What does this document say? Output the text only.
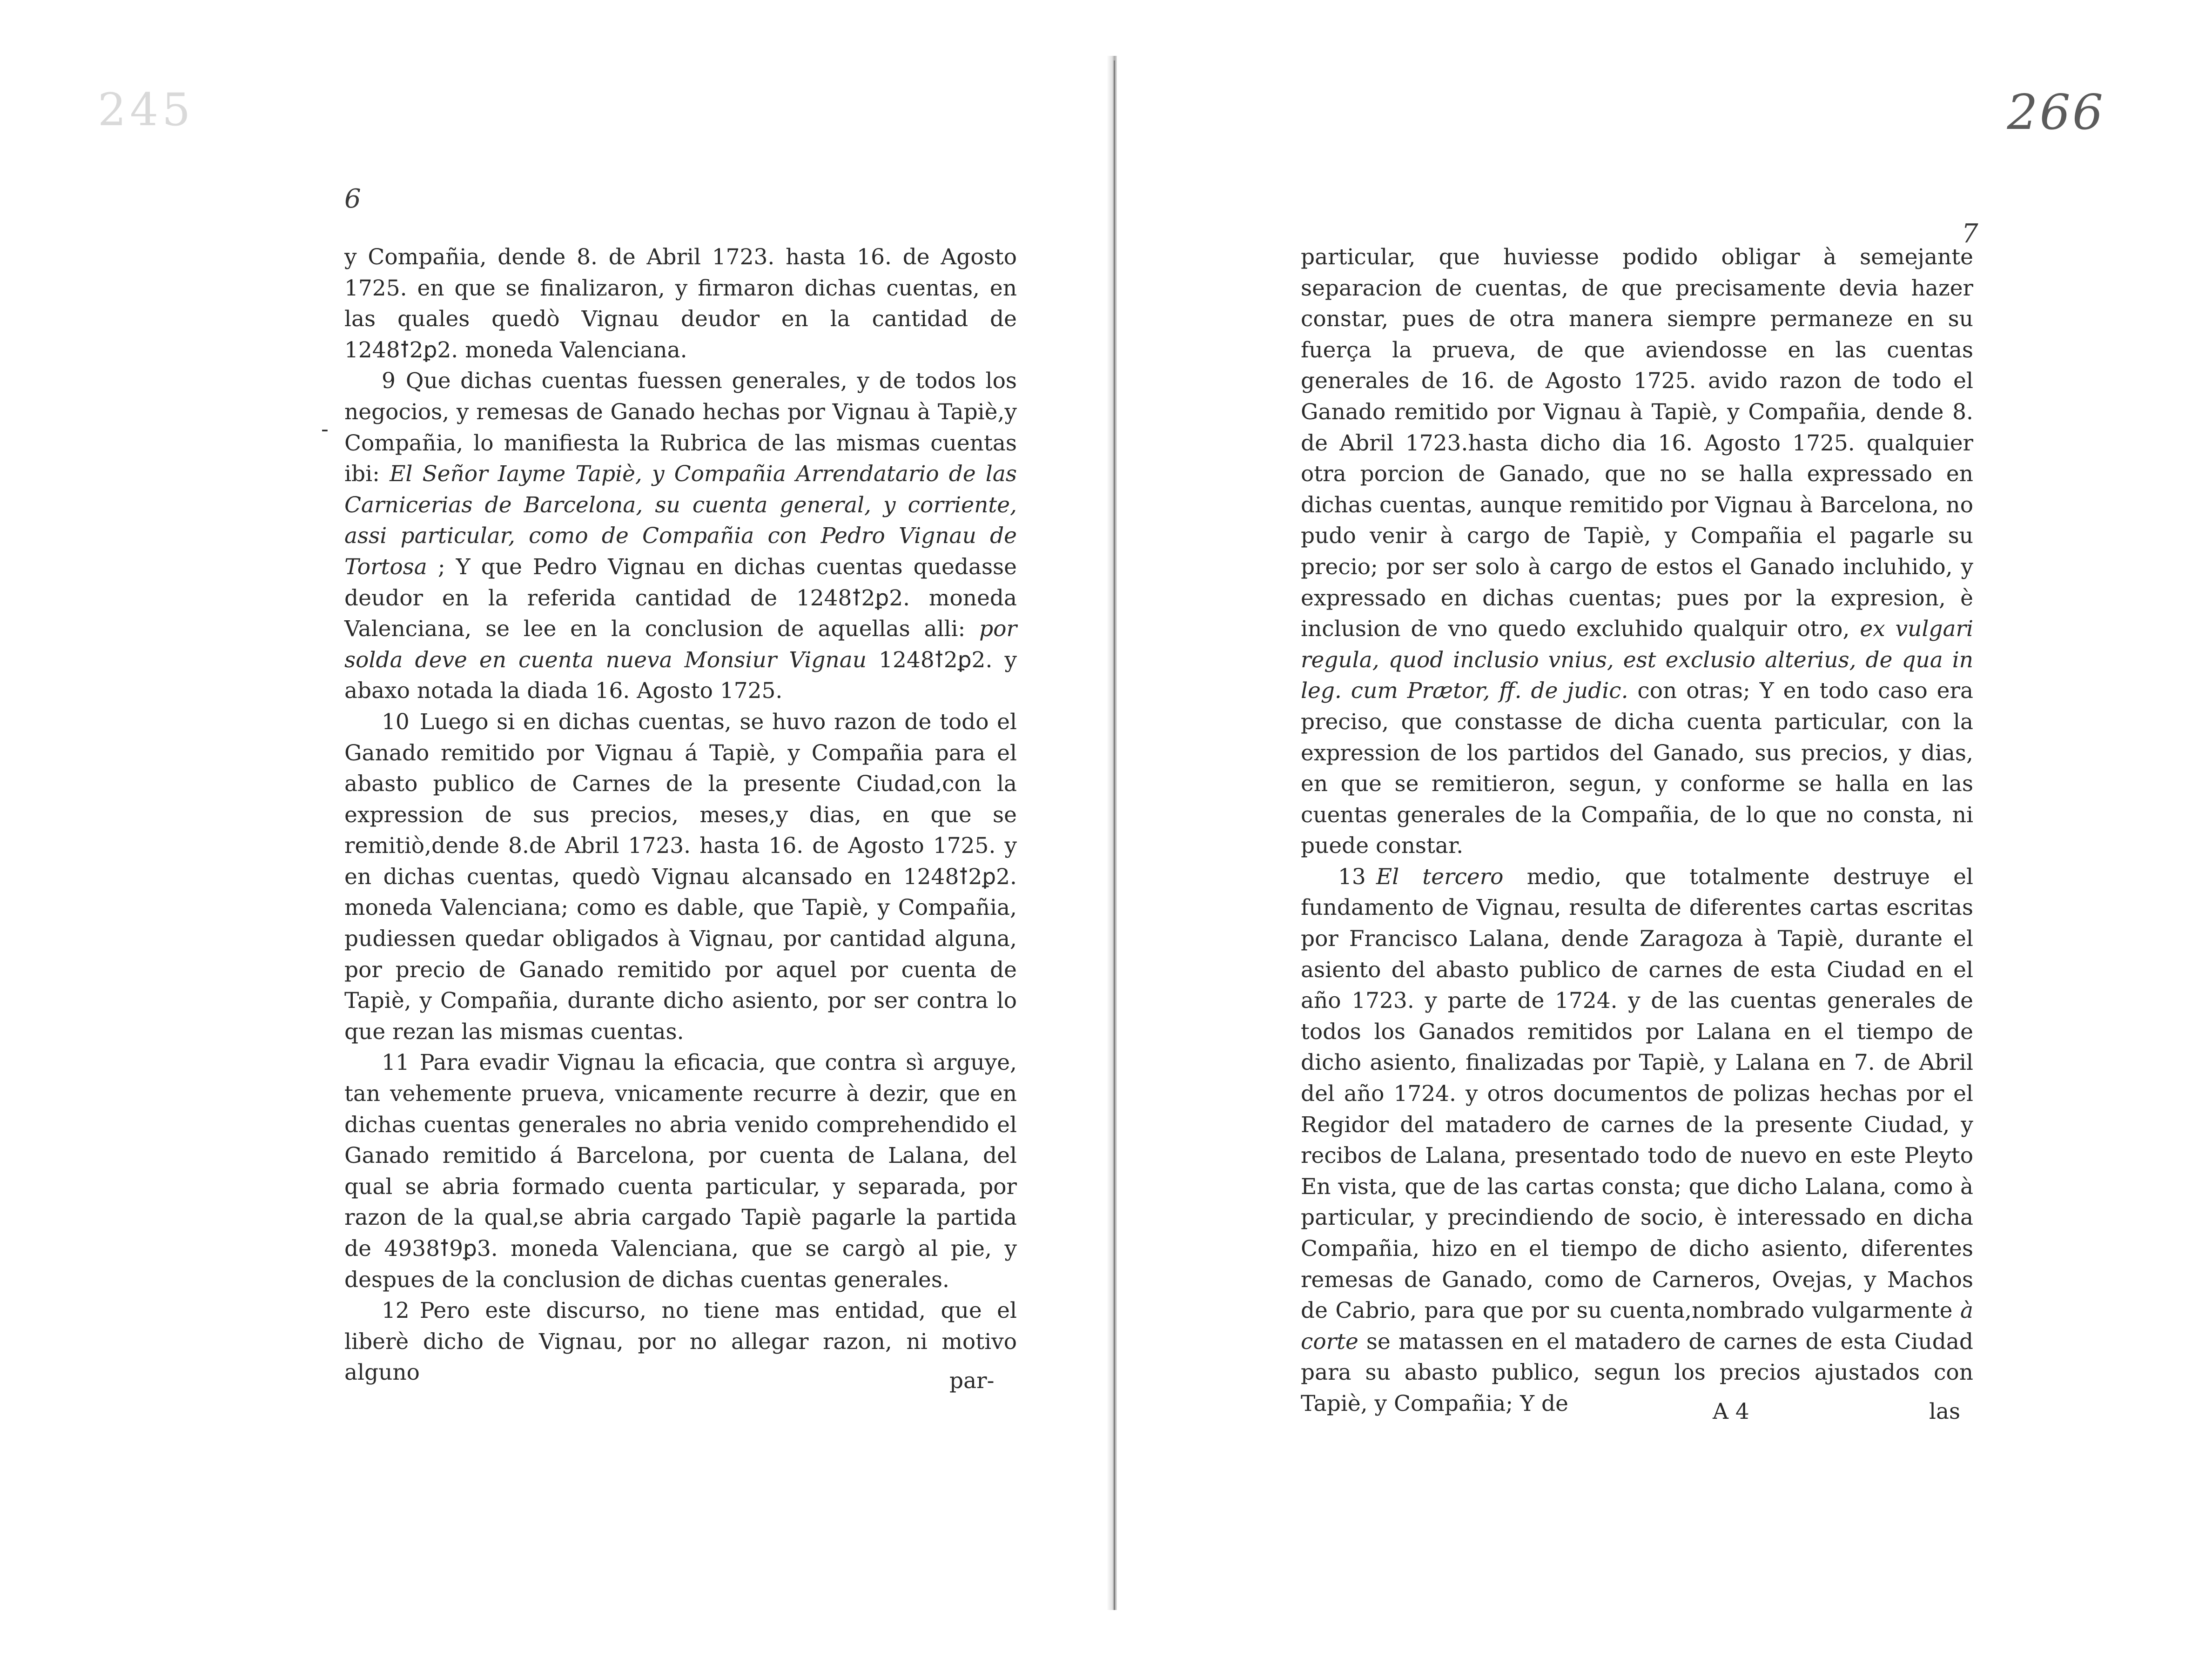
245
6
-

y Compañia, dende 8. de Abril 1723. hasta 16. de Agosto 1725. en que se finalizaron, y firmaron dichas cuentas, en las quales quedò Vignau deudor en la cantidad de 1248ꝉ2ꝑ2. moneda Valenciana.

9 Que dichas cuentas fuessen generales, y de todos los negocios, y remesas de Ganado hechas por Vignau à Tapiè,y Compañia, lo manifiesta la Rubrica de las mismas cuentas ibi: El Señor Iayme Tapiè, y Compañia Arrendatario de las Carnicerias de Barcelona, su cuenta general, y corriente, assi particular, como de Compañia con Pedro Vignau de Tortosa ; Y que Pedro Vignau en dichas cuentas quedasse deudor en la referida cantidad de 1248ꝉ2ꝑ2. moneda Valenciana, se lee en la conclusion de aquellas alli: por solda deve en cuenta nueva Monsiur Vignau 1248ꝉ2ꝑ2. y abaxo notada la diada 16. Agosto 1725.

10 Luego si en dichas cuentas, se huvo razon de todo el Ganado remitido por Vignau á Tapiè, y Compañia para el abasto publico de Carnes de la presente Ciudad,con la expression de sus precios, meses,y dias, en que se remitiò,dende 8.de Abril 1723. hasta 16. de Agosto 1725. y en dichas cuentas, quedò Vignau alcansado en 1248ꝉ2ꝑ2. moneda Valenciana; como es dable, que Tapiè, y Compañia, pudiessen quedar obligados à Vignau, por cantidad alguna, por precio de Ganado remitido por aquel por cuenta de Tapiè, y Compañia, durante dicho asiento, por ser contra lo que rezan las mismas cuentas.

11 Para evadir Vignau la eficacia, que contra sì arguye, tan vehemente prueva, vnicamente recurre à dezir, que en dichas cuentas generales no abria venido comprehendido el Ganado remitido á Barcelona, por cuenta de Lalana, del qual se abria formado cuenta particular, y separada, por razon de la qual,se abria cargado Tapiè pagarle la partida de 4938ꝉ9ꝑ3. moneda Valenciana, que se cargò al pie, y despues de la conclusion de dichas cuentas generales.

12 Pero este discurso, no tiene mas entidad, que el liberè dicho de Vignau, por no allegar razon, ni motivo alguno	par-
266
7

particular, que huviesse podido obligar à semejante separacion de cuentas, de que precisamente devia hazer constar, pues de otra manera siempre permaneze en su fuerça la prueva, de que aviendosse en las cuentas generales de 16. de Agosto 1725. avido razon de todo el Ganado remitido por Vignau à Tapiè, y Compañia, dende 8. de Abril 1723.hasta dicho dia 16. Agosto 1725. qualquier otra porcion de Ganado, que no se halla expressado en dichas cuentas, aunque remitido por Vignau à Barcelona, no pudo venir à cargo de Tapiè, y Compañia el pagarle su precio; por ser solo à cargo de estos el Ganado incluhido, y expressado en dichas cuentas; pues por la expresion, è inclusion de vno quedo excluhido qualquir otro, ex vulgari regula, quod inclusio vnius, est exclusio alterius, de qua in leg. cum Prætor, ff. de judic. con otras; Y en todo caso era preciso, que constasse de dicha cuenta particular, con la expression de los partidos del Ganado, sus precios, y dias, en que se remitieron, segun, y conforme se halla en las cuentas generales de la Compañia, de lo que no consta, ni puede constar.

13 El tercero medio, que totalmente destruye el fundamento de Vignau, resulta de diferentes cartas escritas por Francisco Lalana, dende Zaragoza à Tapiè, durante el asiento del abasto publico de carnes de esta Ciudad en el año 1723. y parte de 1724. y de las cuentas generales de todos los Ganados remitidos por Lalana en el tiempo de dicho asiento, finalizadas por Tapiè, y Lalana en 7. de Abril del año 1724. y otros documentos de polizas hechas por el Regidor del matadero de carnes de la presente Ciudad, y recibos de Lalana, presentado todo de nuevo en este Pleyto En vista, que de las cartas consta; que dicho Lalana, como à particular, y precindiendo de socio, è interessado en dicha Compañia, hizo en el tiempo de dicho asiento, diferentes remesas de Ganado, como de Carneros, Ovejas, y Machos de Cabrio, para que por su cuenta,nombrado vulgarmente à corte se matassen en el matadero de carnes de esta Ciudad para su abasto publico, segun los precios ajustados con Tapiè, y Compañia; Y de	A 4	las
